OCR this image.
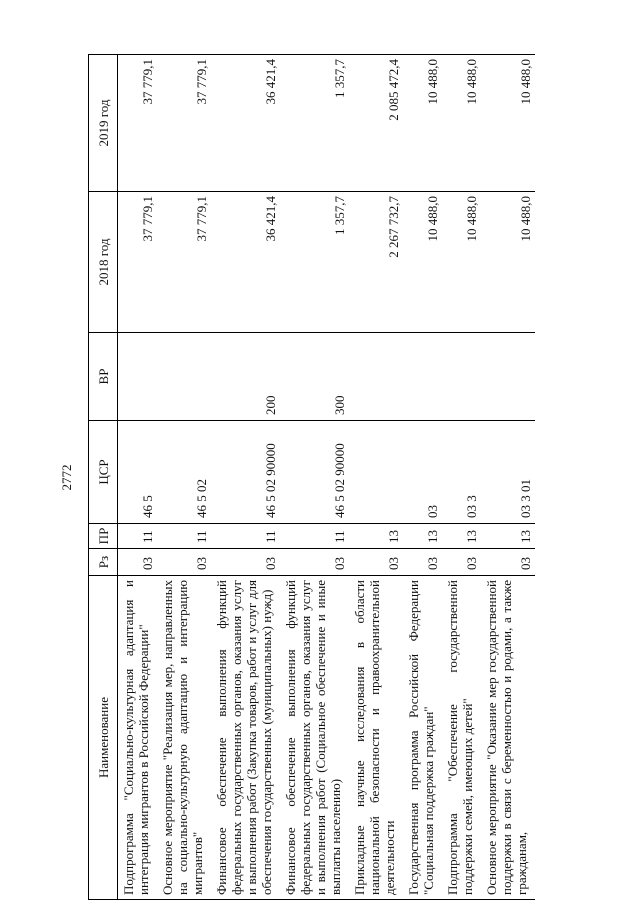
2772
Наименование	Рз	ПР	ЦСР	ВР	2018 год	2019 год
Подпрограмма "Социально-культурная адаптация и интеграция мигрантов в Российской Федерации"	03	11	46 5		37 779,1	37 779,1
Основное мероприятие "Реализация мер, направленных на социально-культурную адаптацию и интеграцию мигрантов"	03	11	46 5 02		37 779,1	37 779,1
Финансовое обеспечение выполнения функций федеральных государственных органов, оказания услуг и выполнения работ (Закупка товаров, работ и услуг для обеспечения государственных (муниципальных) нужд)	03	11	46 5 02 90000	200	36 421,4	36 421,4
Финансовое обеспечение выполнения функций федеральных государственных органов, оказания услуг и выполнения работ (Социальное обеспечение и иные выплаты населению)	03	11	46 5 02 90000	300	1 357,7	1 357,7
Прикладные научные исследования в области национальной безопасности и правоохранительной деятельности	03	13			2 267 732,7	2 085 472,4
Государственная программа Российской Федерации "Социальная поддержка граждан"	03	13	03		10 488,0	10 488,0
Подпрограмма "Обеспечение государственной поддержки семей, имеющих детей"	03	13	03 3		10 488,0	10 488,0
Основное мероприятие "Оказание мер государственной поддержки в связи с беременностью и родами, а также гражданам,	03	13	03 3 01		10 488,0	10 488,0
